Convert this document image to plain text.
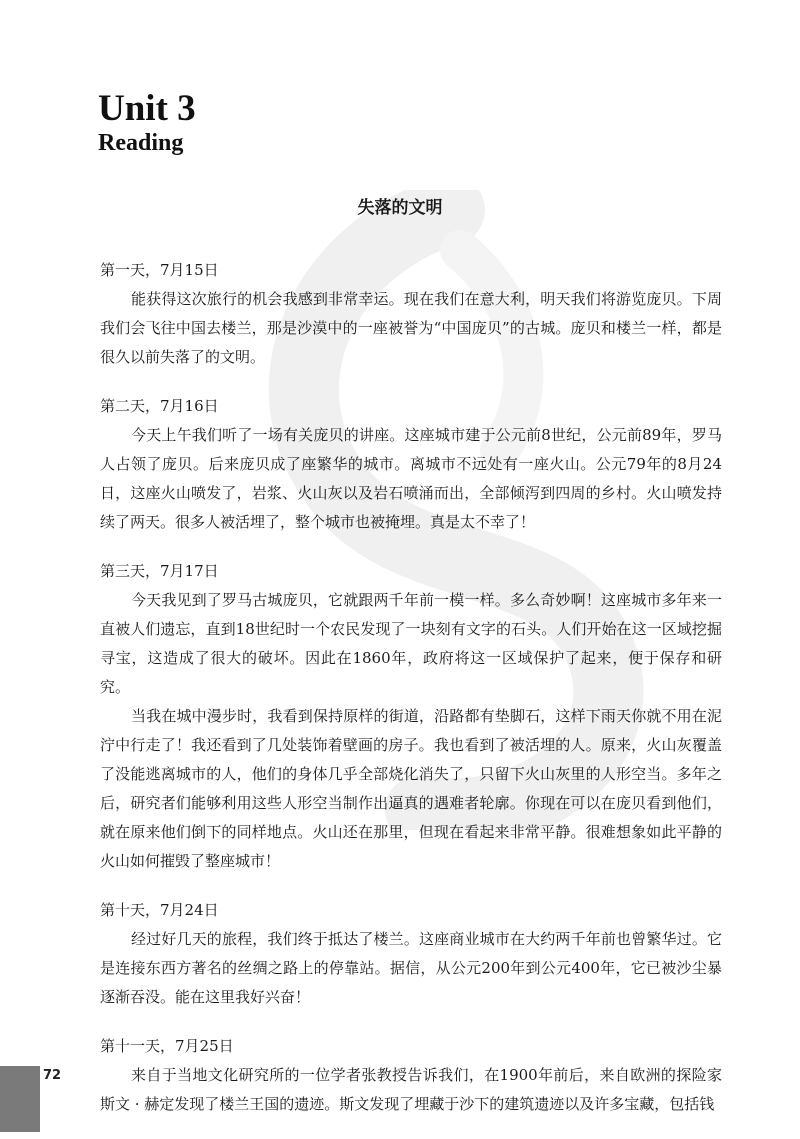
Unit 3
Reading
失落的文明

第一天，7月15日

能获得这次旅行的机会我感到非常幸运。现在我们在意大利，明天我们将游览庞贝。下周我们会飞往中国去楼兰，那是沙漠中的一座被誉为“中国庞贝”的古城。庞贝和楼兰一样，都是很久以前失落了的文明。

第二天，7月16日

今天上午我们听了一场有关庞贝的讲座。这座城市建于公元前8世纪，公元前89年，罗马人占领了庞贝。后来庞贝成了座繁华的城市。离城市不远处有一座火山。公元79年的8月24日，这座火山喷发了，岩浆、火山灰以及岩石喷涌而出，全部倾泻到四周的乡村。火山喷发持续了两天。很多人被活埋了，整个城市也被掩埋。真是太不幸了！

第三天，7月17日

今天我见到了罗马古城庞贝，它就跟两千年前一模一样。多么奇妙啊！这座城市多年来一直被人们遗忘，直到18世纪时一个农民发现了一块刻有文字的石头。人们开始在这一区域挖掘寻宝，这造成了很大的破坏。因此在1860年，政府将这一区域保护了起来，便于保存和研究。

当我在城中漫步时，我看到保持原样的街道，沿路都有垫脚石，这样下雨天你就不用在泥泞中行走了！我还看到了几处装饰着壁画的房子。我也看到了被活埋的人。原来，火山灰覆盖了没能逃离城市的人，他们的身体几乎全部烧化消失了，只留下火山灰里的人形空当。多年之后，研究者们能够利用这些人形空当制作出逼真的遇难者轮廓。你现在可以在庞贝看到他们，就在原来他们倒下的同样地点。火山还在那里，但现在看起来非常平静。很难想象如此平静的火山如何摧毁了整座城市！

第十天，7月24日

经过好几天的旅程，我们终于抵达了楼兰。这座商业城市在大约两千年前也曾繁华过。它是连接东西方著名的丝绸之路上的停靠站。据信，从公元200年到公元400年，它已被沙尘暴逐渐吞没。能在这里我好兴奋！

第十一天，7月25日

来自于当地文化研究所的一位学者张教授告诉我们，在1900年前后，来自欧洲的探险家斯文 · 赫定发现了楼兰王国的遗迹。斯文发现了埋藏于沙下的建筑遗迹以及许多宝藏，包括钱

72
